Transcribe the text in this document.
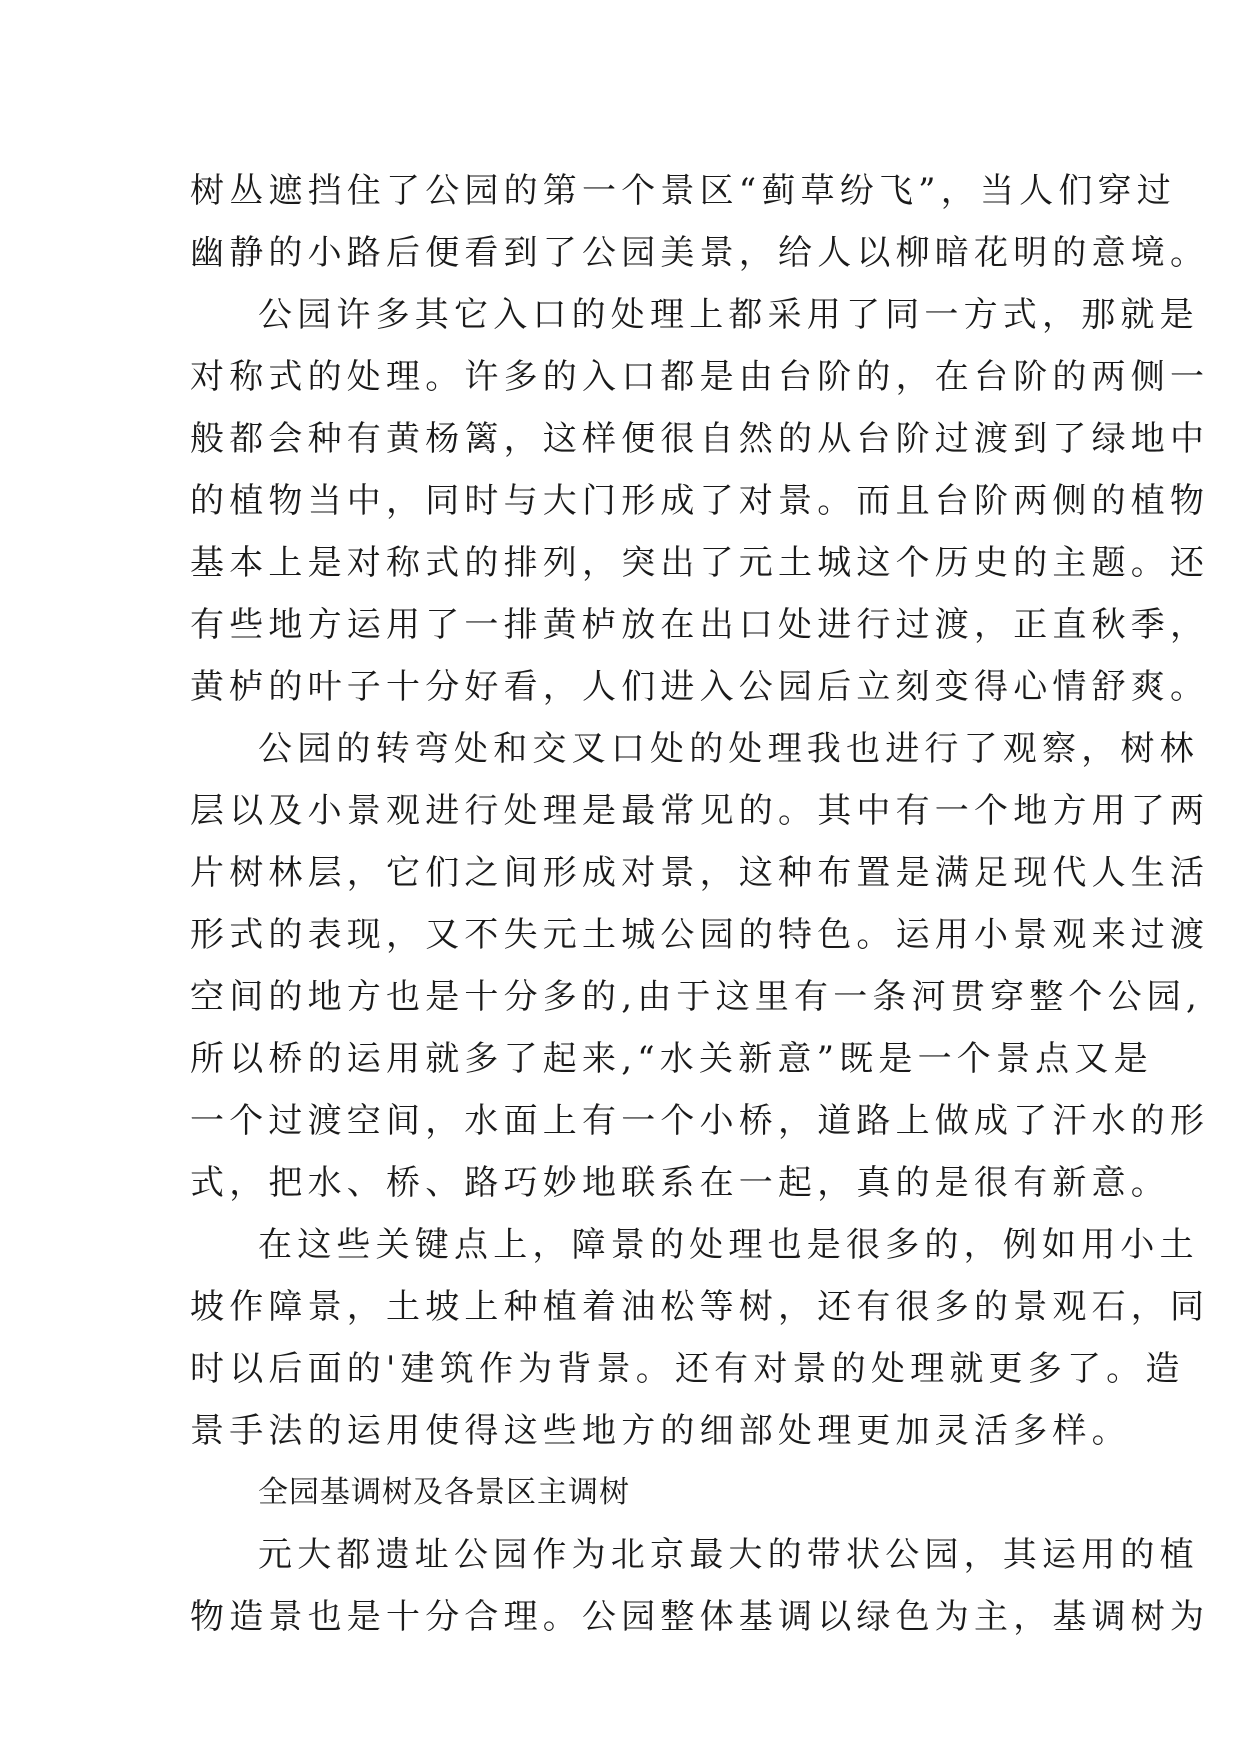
树丛遮挡住了公园的第一个景区“蓟草纷飞”，当人们穿过
幽静的小路后便看到了公园美景，给人以柳暗花明的意境。
公园许多其它入口的处理上都采用了同一方式，那就是
对称式的处理。许多的入口都是由台阶的，在台阶的两侧一
般都会种有黄杨篱，这样便很自然的从台阶过渡到了绿地中
的植物当中，同时与大门形成了对景。而且台阶两侧的植物
基本上是对称式的排列，突出了元土城这个历史的主题。还
有些地方运用了一排黄栌放在出口处进行过渡，正直秋季，
黄栌的叶子十分好看，人们进入公园后立刻变得心情舒爽。
公园的转弯处和交叉口处的处理我也进行了观察，树林
层以及小景观进行处理是最常见的。其中有一个地方用了两
片树林层，它们之间形成对景，这种布置是满足现代人生活
形式的表现，又不失元土城公园的特色。运用小景观来过渡
空间的地方也是十分多的,由于这里有一条河贯穿整个公园,
所以桥的运用就多了起来,“水关新意”既是一个景点又是
一个过渡空间，水面上有一个小桥，道路上做成了汗水的形
式，把水、桥、路巧妙地联系在一起，真的是很有新意。
在这些关键点上，障景的处理也是很多的，例如用小土
坡作障景，土坡上种植着油松等树，还有很多的景观石，同
时以后面的'建筑作为背景。还有对景的处理就更多了。造
景手法的运用使得这些地方的细部处理更加灵活多样。
全园基调树及各景区主调树
元大都遗址公园作为北京最大的带状公园，其运用的植
物造景也是十分合理。公园整体基调以绿色为主，基调树为
